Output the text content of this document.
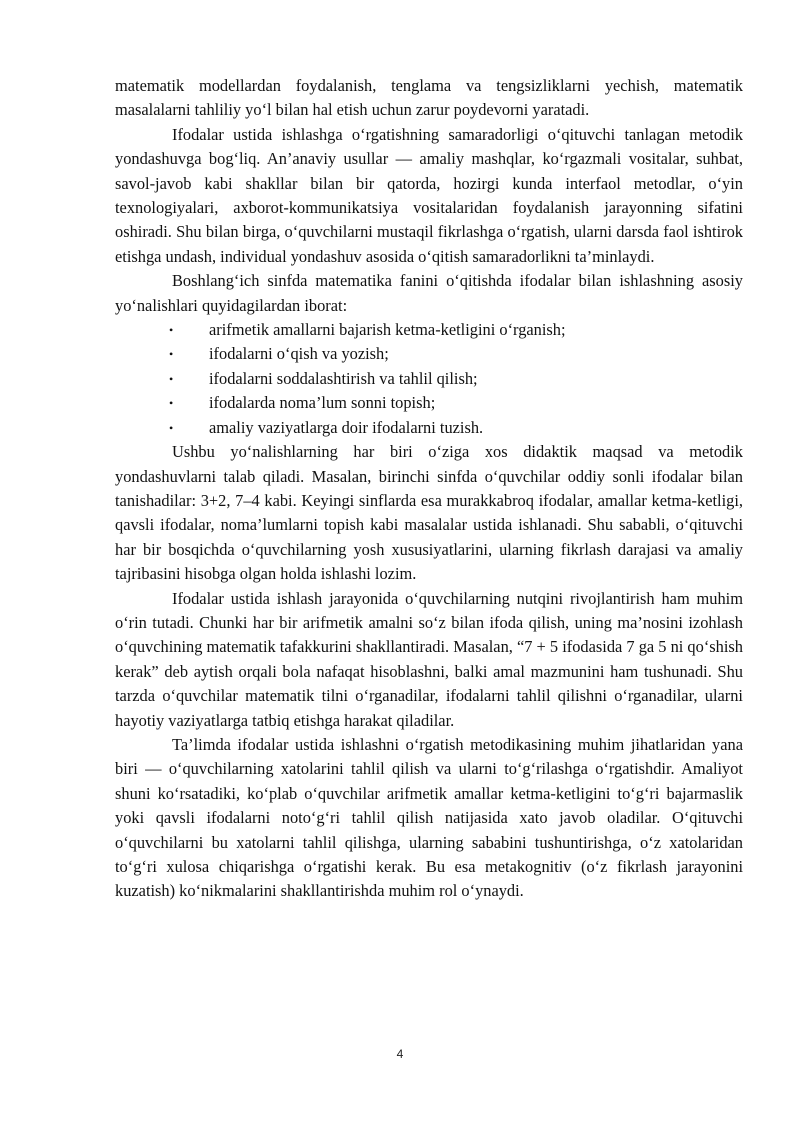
matematik modellardan foydalanish, tenglama va tengsizliklarni yechish, matematik masalalarni tahliliy yo‘l bilan hal etish uchun zarur poydevorni yaratadi.

Ifodalar ustida ishlashga o‘rgatishning samaradorligi o‘qituvchi tanlagan metodik yondashuvga bog‘liq. An’anaviy usullar — amaliy mashqlar, ko‘rgazmali vositalar, suhbat, savol-javob kabi shakllar bilan bir qatorda, hozirgi kunda interfaol metodlar, o‘yin texnologiyalari, axborot-kommunikatsiya vositalaridan foydalanish jarayonning sifatini oshiradi. Shu bilan birga, o‘quvchilarni mustaqil fikrlashga o‘rgatish, ularni darsda faol ishtirok etishga undash, individual yondashuv asosida o‘qitish samaradorlikni ta’minlaydi.

Boshlang‘ich sinfda matematika fanini o‘qitishda ifodalar bilan ishlashning asosiy yo‘nalishlari quyidagilardan iborat:

• arifmetik amallarni bajarish ketma-ketligini o‘rganish;
• ifodalarni o‘qish va yozish;
• ifodalarni soddalashtirish va tahlil qilish;
• ifodalarda noma’lum sonni topish;
• amaliy vaziyatlarga doir ifodalarni tuzish.

Ushbu yo‘nalishlarning har biri o‘ziga xos didaktik maqsad va metodik yondashuvlarni talab qiladi. Masalan, birinchi sinfda o‘quvchilar oddiy sonli ifodalar bilan tanishadilar: 3+2, 7–4 kabi. Keyingi sinflarda esa murakkabroq ifodalar, amallar ketma-ketligi, qavsli ifodalar, noma’lumlarni topish kabi masalalar ustida ishlanadi. Shu sababli, o‘qituvchi har bir bosqichda o‘quvchilarning yosh xususiyatlarini, ularning fikrlash darajasi va amaliy tajribasini hisobga olgan holda ishlashi lozim.

Ifodalar ustida ishlash jarayonida o‘quvchilarning nutqini rivojlantirish ham muhim o‘rin tutadi. Chunki har bir arifmetik amalni so‘z bilan ifoda qilish, uning ma’nosini izohlash o‘quvchining matematik tafakkurini shakllantiradi. Masalan, “7 + 5 ifodasida 7 ga 5 ni qo‘shish kerak” deb aytish orqali bola nafaqat hisoblashni, balki amal mazmunini ham tushunadi. Shu tarzda o‘quvchilar matematik tilni o‘rganadilar, ifodalarni tahlil qilishni o‘rganadilar, ularni hayotiy vaziyatlarga tatbiq etishga harakat qiladilar.

Ta’limda ifodalar ustida ishlashni o‘rgatish metodikasining muhim jihatlaridan yana biri — o‘quvchilarning xatolarini tahlil qilish va ularni to‘g‘rilashga o‘rgatishdir. Amaliyot shuni ko‘rsatadiki, ko‘plab o‘quvchilar arifmetik amallar ketma-ketligini to‘g‘ri bajarmaslik yoki qavsli ifodalarni noto‘g‘ri tahlil qilish natijasida xato javob oladilar. O‘qituvchi o‘quvchilarni bu xatolarni tahlil qilishga, ularning sababini tushuntirishga, o‘z xatolaridan to‘g‘ri xulosa chiqarishga o‘rgatishi kerak. Bu esa metakognitiv (o‘z fikrlash jarayonini kuzatish) ko‘nikmalarini shakllantirishda muhim rol o‘ynaydi.

4
